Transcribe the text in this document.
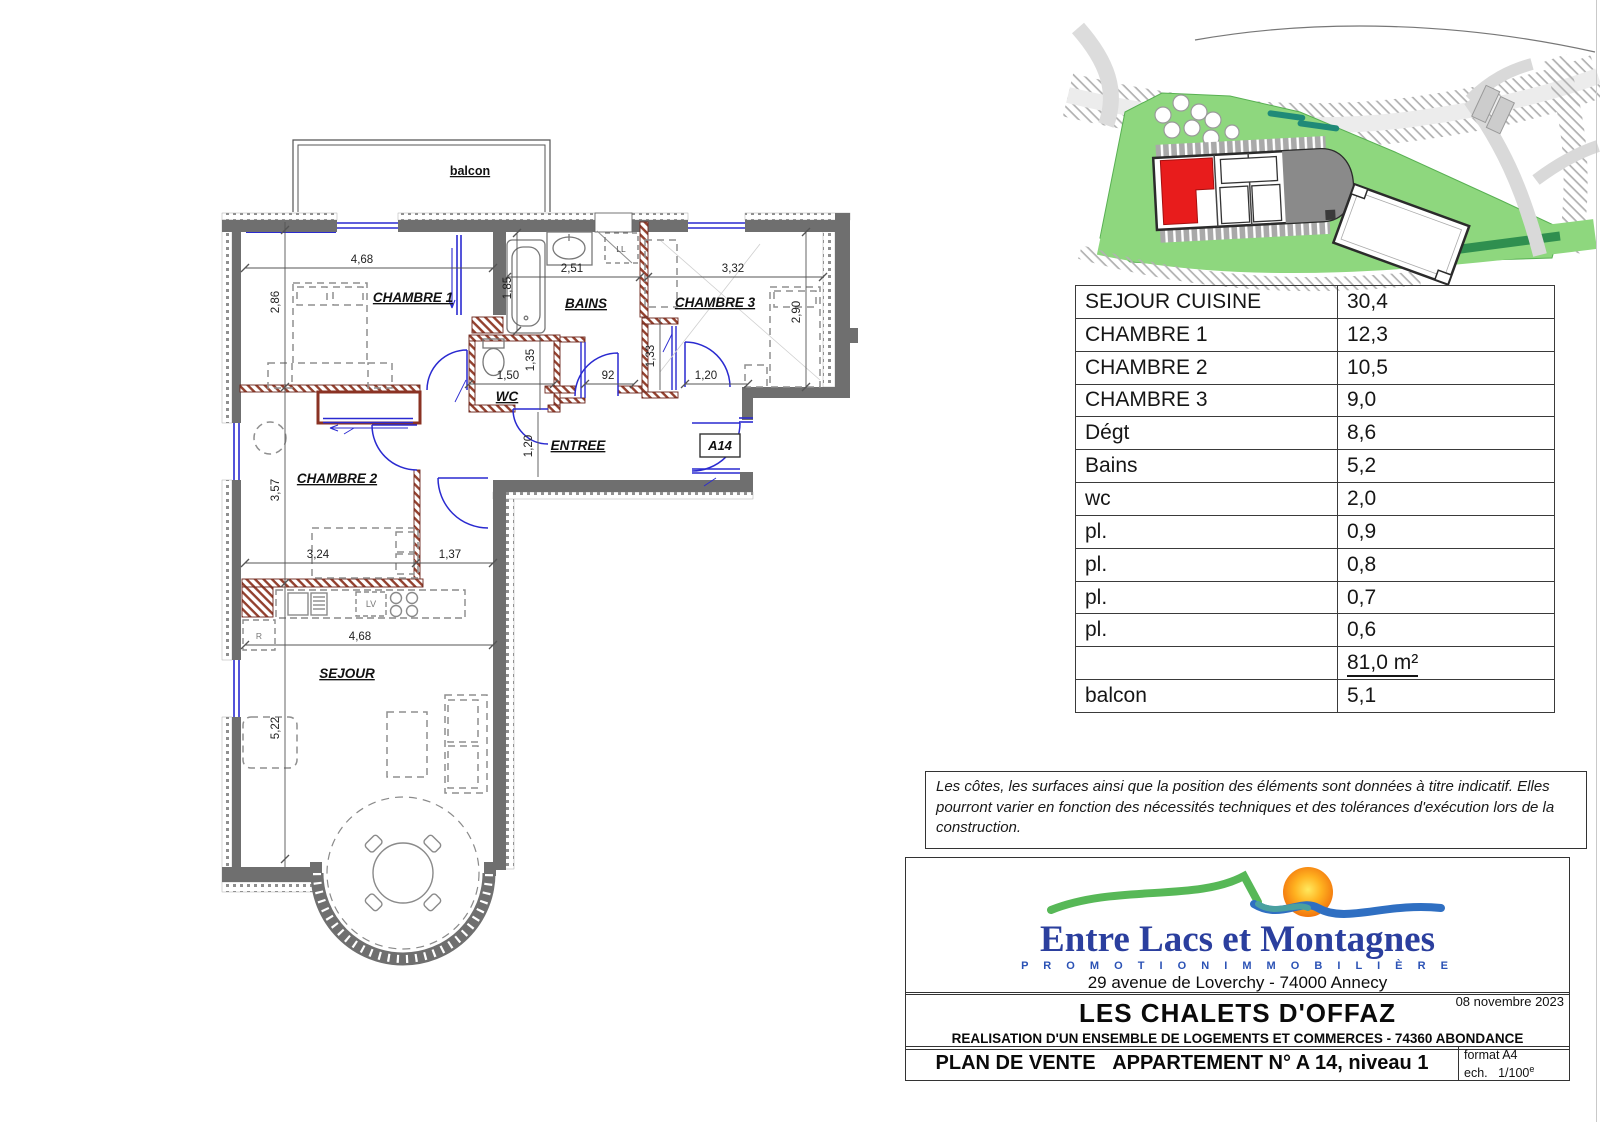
balcon
LL
LV
R
4,68
2,86
2,51
1,85
3,32
2,90
1,50
1,35
92
1,33
1,20
1,20
3,57
3,24	1,37
4,68
5,22
CHAMBRE 1	BAINS	CHAMBRE 3
WC
ENTREE
CHAMBRE 2
SEJOUR
A14
SEJOUR CUISINE	30,4
CHAMBRE 1	12,3
CHAMBRE 2	10,5
CHAMBRE 3	9,0
Dégt	8,6
Bains	5,2
wc	2,0
pl.	0,9
pl.	0,8
pl.	0,7
pl.	0,6
	81,0 m²
balcon	5,1
Les côtes, les surfaces ainsi que la position des éléments sont données à titre indicatif. Elles pourront varier en fonction des nécessités techniques et des tolérances d'exécution lors de la construction.
Entre Lacs et Montagnes
P R O M O T I O N I M M O B I L I È R E
29 avenue de Loverchy - 74000 Annecy
08 novembre 2023
LES CHALETS D'OFFAZ
REALISATION D'UN ENSEMBLE DE LOGEMENTS ET COMMERCES - 74360 ABONDANCE
PLAN DE VENTE
APPARTEMENT N° A 14, niveau 1	format A4
ech. 1/100e
